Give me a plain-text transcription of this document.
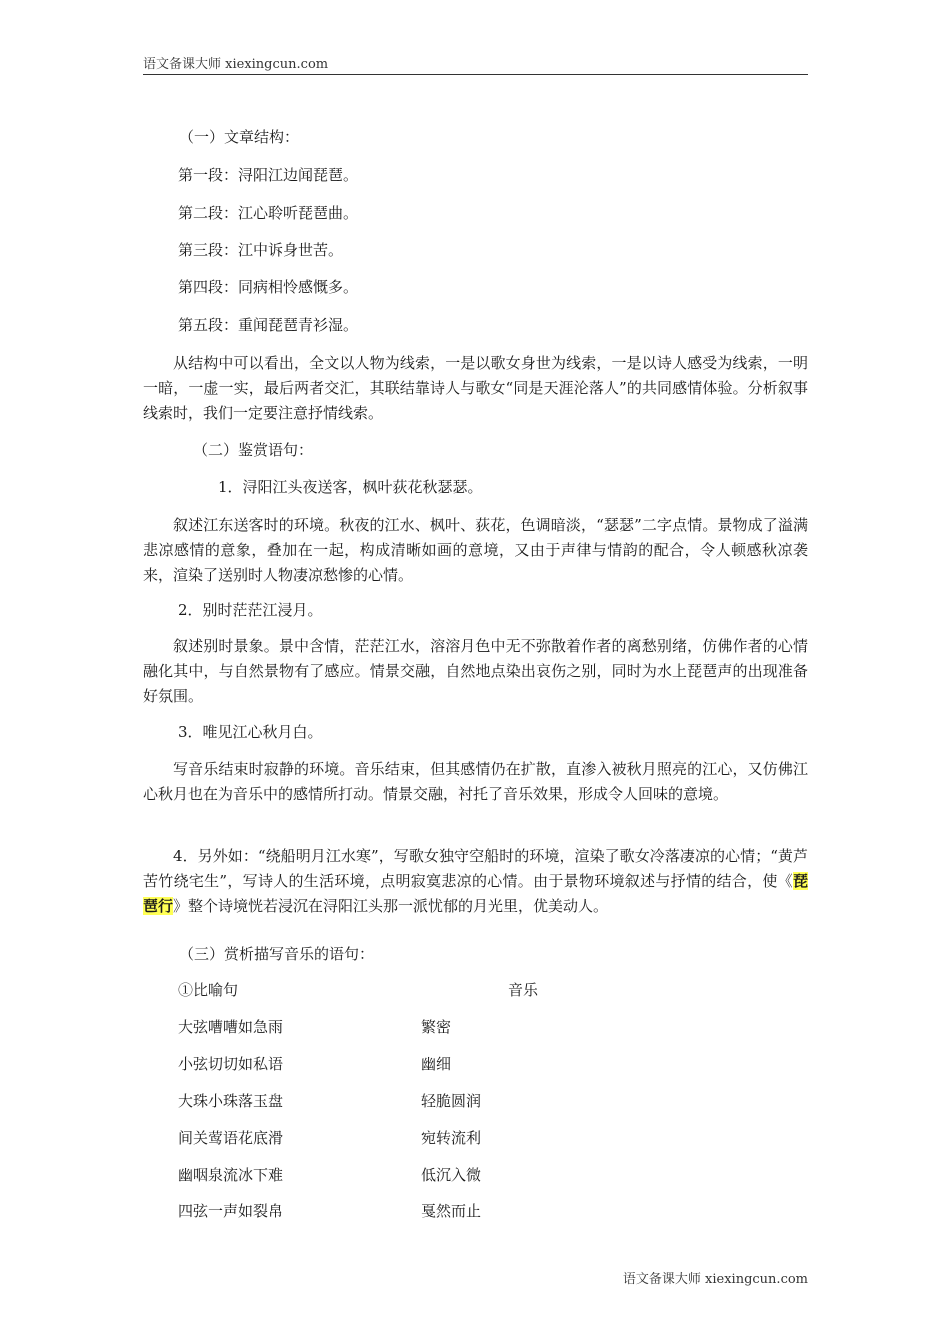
语文备课大师 xiexingcun.com
（一）文章结构：
第一段：浔阳江边闻琵琶。
第二段：江心聆听琵琶曲。
第三段：江中诉身世苦。
第四段：同病相怜感慨多。
第五段：重闻琵琶青衫湿。
从结构中可以看出，全文以人物为线索，一是以歌女身世为线索，一是以诗人感受为线索，一明一暗，一虚一实，最后两者交汇，其联结靠诗人与歌女“同是天涯沦落人”的共同感情体验。分析叙事线索时，我们一定要注意抒情线索。
（二）鉴赏语句：
1．浔阳江头夜送客，枫叶荻花秋瑟瑟。
叙述江东送客时的环境。秋夜的江水、枫叶、荻花，色调暗淡，“瑟瑟”二字点情。景物成了溢满悲凉感情的意象，叠加在一起，构成清晰如画的意境，又由于声律与情韵的配合，令人顿感秋凉袭来，渲染了送别时人物凄凉愁惨的心情。
2．别时茫茫江浸月。
叙述别时景象。景中含情，茫茫江水，溶溶月色中无不弥散着作者的离愁别绪，仿佛作者的心情融化其中，与自然景物有了感应。情景交融，自然地点染出哀伤之别，同时为水上琵琶声的出现准备好氛围。
3．唯见江心秋月白。
写音乐结束时寂静的环境。音乐结束，但其感情仍在扩散，直渗入被秋月照亮的江心，又仿佛江心秋月也在为音乐中的感情所打动。情景交融，衬托了音乐效果，形成令人回味的意境。
4．另外如：“绕船明月江水寒”，写歌女独守空船时的环境，渲染了歌女冷落凄凉的心情；“黄芦苦竹绕宅生”，写诗人的生活环境，点明寂寞悲凉的心情。由于景物环境叙述与抒情的结合，使《琵琶行》整个诗境恍若浸沉在浔阳江头那一派忧郁的月光里，优美动人。
（三）赏析描写音乐的语句：
①比喻句	音乐
大弦嘈嘈如急雨	繁密
小弦切切如私语	幽细
大珠小珠落玉盘	轻脆圆润
间关莺语花底滑	宛转流利
幽咽泉流冰下难	低沉入微
四弦一声如裂帛	戛然而止
语文备课大师 xiexingcun.com
